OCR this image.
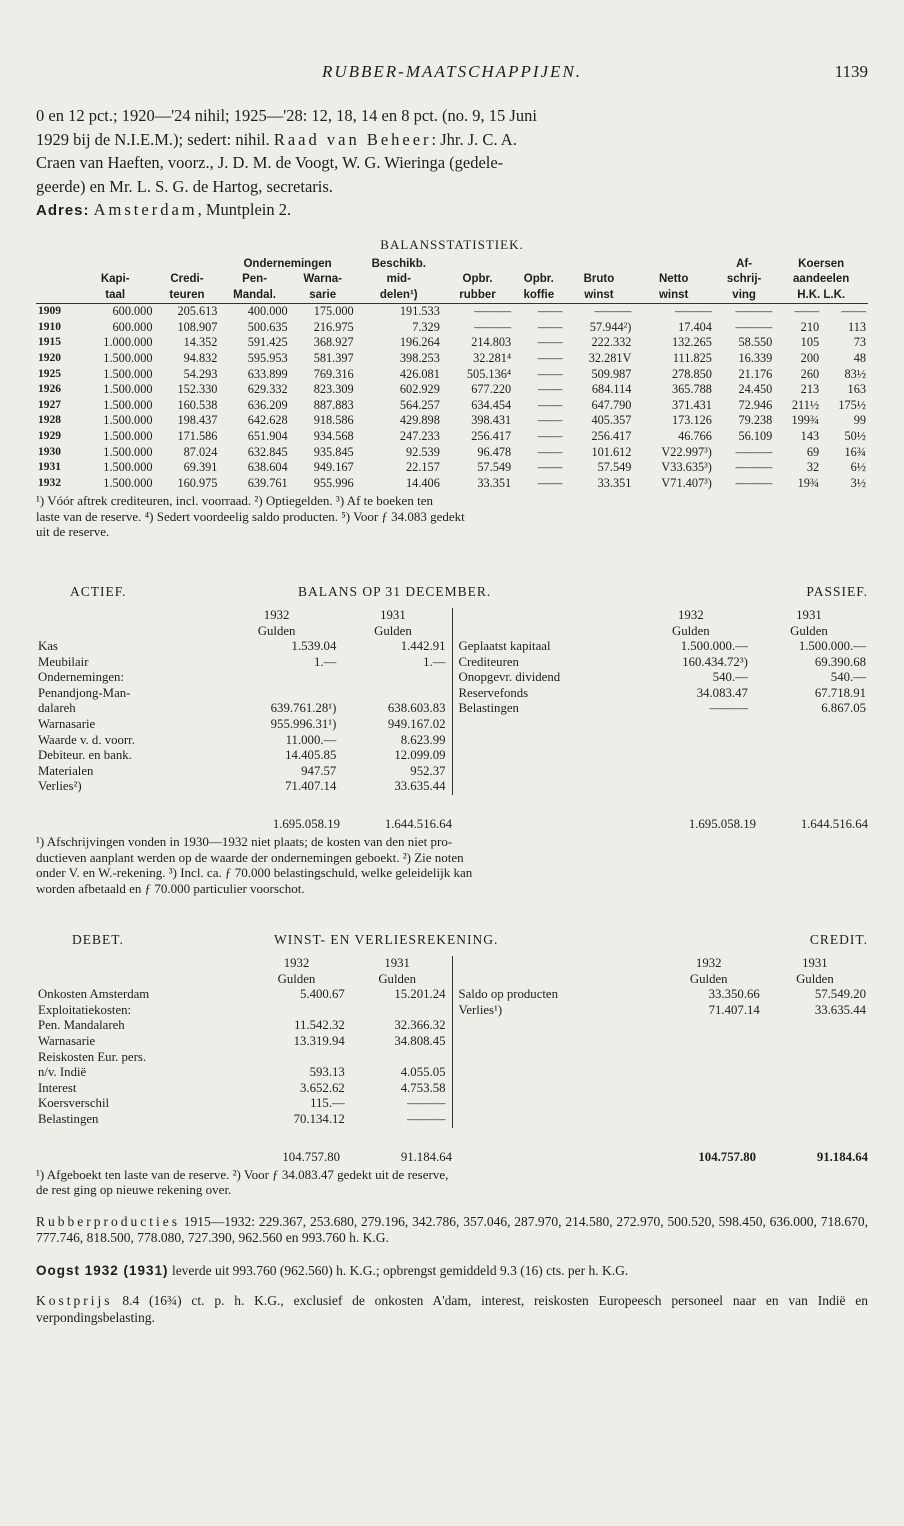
RUBBER-MAATSCHAPPIJEN.	1139
0 en 12 pct.; 1920—'24 nihil; 1925—'28: 12, 18, 14 en 8 pct. (no. 9, 15 Juni
1929 bij de N.I.E.M.); sedert: nihil. Raad van Beheer: Jhr. J. C. A.
Craen van Haeften, voorz., J. D. M. de Voogt, W. G. Wieringa (gedele-
geerde) en Mr. L. S. G. de Hartog, secretaris.
Adres: Amsterdam, Muntplein 2.
BALANSSTATISTIEK.
			Ondernemingen		Beschikb.					Af-	Koersen	
	Kapi-	Credi-	Pen-	Warna-	mid-	Opbr.	Opbr.	Bruto	Netto	schrij-	aandeelen	
	taal	teuren	Mandal.	sarie	delen¹)	rubber	koffie	winst	winst	ving	H.K. L.K.	
1909	600.000	205.613	400.000	175.000	191.533	———	——	———	———	———	——	——
1910	600.000	108.907	500.635	216.975	7.329	———	——	57.944²)	17.404	———	210	113
1915	1.000.000	14.352	591.425	368.927	196.264	214.803	——	222.332	132.265	58.550	105	73
1920	1.500.000	94.832	595.953	581.397	398.253	32.281⁴	——	32.281V	111.825	16.339	200	48
1925	1.500.000	54.293	633.899	769.316	426.081	505.136⁴	——	509.987	278.850	21.176	260	83½
1926	1.500.000	152.330	629.332	823.309	602.929	677.220	——	684.114	365.788	24.450	213	163
1927	1.500.000	160.538	636.209	887.883	564.257	634.454	——	647.790	371.431	72.946	211½	175½
1928	1.500.000	198.437	642.628	918.586	429.898	398.431	——	405.357	173.126	79.238	199¾	99
1929	1.500.000	171.586	651.904	934.568	247.233	256.417	——	256.417	46.766	56.109	143	50½
1930	1.500.000	87.024	632.845	935.845	92.539	96.478	——	101.612	V22.997³)	———	69	16¾
1931	1.500.000	69.391	638.604	949.167	22.157	57.549	——	57.549	V33.635³)	———	32	6½
1932	1.500.000	160.975	639.761	955.996	14.406	33.351	——	33.351	V71.407³)	———	19¾	3½
¹) Vóór aftrek crediteuren, incl. voorraad. ²) Optiegelden. ³) Af te boeken ten
laste van de reserve. ⁴) Sedert voordeelig saldo producten. ⁵) Voor ƒ 34.083 gedekt
uit de reserve.
ACTIEF.	BALANS OP 31 DECEMBER.	PASSIEF.
	1932	1931
	Gulden	Gulden
Kas	1.539.04	1.442.91
Meubilair	1.—	1.—
Ondernemingen:		
Penandjong-Man-		
dalareh	639.761.28¹)	638.603.83
Warnasarie	955.996.31¹)	949.167.02
Waarde v. d. voorr.	11.000.—	8.623.99
Debiteur. en bank.	14.405.85	12.099.09
Materialen	947.57	952.37
Verlies²)	71.407.14	33.635.44
	1932	1931
	Gulden	Gulden
Geplaatst kapitaal	1.500.000.—	1.500.000.—
Crediteuren	160.434.72³)	69.390.68
Onopgevr. dividend	540.—	540.—
Reservefonds	34.083.47	67.718.91
Belastingen	———	6.867.05
1.695.058.19	1.644.516.64	1.695.058.19	1.644.516.64
¹) Afschrijvingen vonden in 1930—1932 niet plaats; de kosten van den niet pro-
ductieven aanplant werden op de waarde der ondernemingen geboekt. ²) Zie noten
onder V. en W.-rekening. ³) Incl. ca. ƒ 70.000 belastingschuld, welke geleidelijk kan
worden afbetaald en ƒ 70.000 particulier voorschot.
DEBET.	WINST- EN VERLIESREKENING.	CREDIT.
	1932	1931
	Gulden	Gulden
Onkosten Amsterdam	5.400.67	15.201.24
Exploitatiekosten:		
Pen. Mandalareh	11.542.32	32.366.32
Warnasarie	13.319.94	34.808.45
Reiskosten Eur. pers.		
n/v. Indië	593.13	4.055.05
Interest	3.652.62	4.753.58
Koersverschil	115.—	———
Belastingen	70.134.12	———
	1932	1931
	Gulden	Gulden
Saldo op producten	33.350.66	57.549.20
Verlies¹)	71.407.14	33.635.44
104.757.80	91.184.64	104.757.80	91.184.64
¹) Afgeboekt ten laste van de reserve. ²) Voor ƒ 34.083.47 gedekt uit de reserve,
de rest ging op nieuwe rekening over.
Rubberproducties 1915—1932: 229.367, 253.680, 279.196, 342.786, 357.046, 287.970, 214.580, 272.970, 500.520, 598.450, 636.000, 718.670, 777.746, 818.500, 778.080, 727.390, 962.560 en 993.760 h. K.G.
Oogst 1932 (1931) leverde uit 993.760 (962.560) h. K.G.; opbrengst gemiddeld 9.3 (16) cts. per h. K.G.
Kostprijs 8.4 (16¾) ct. p. h. K.G., exclusief de onkosten A'dam, interest, reiskosten Europeesch personeel naar en van Indië en verpondingsbelasting.
